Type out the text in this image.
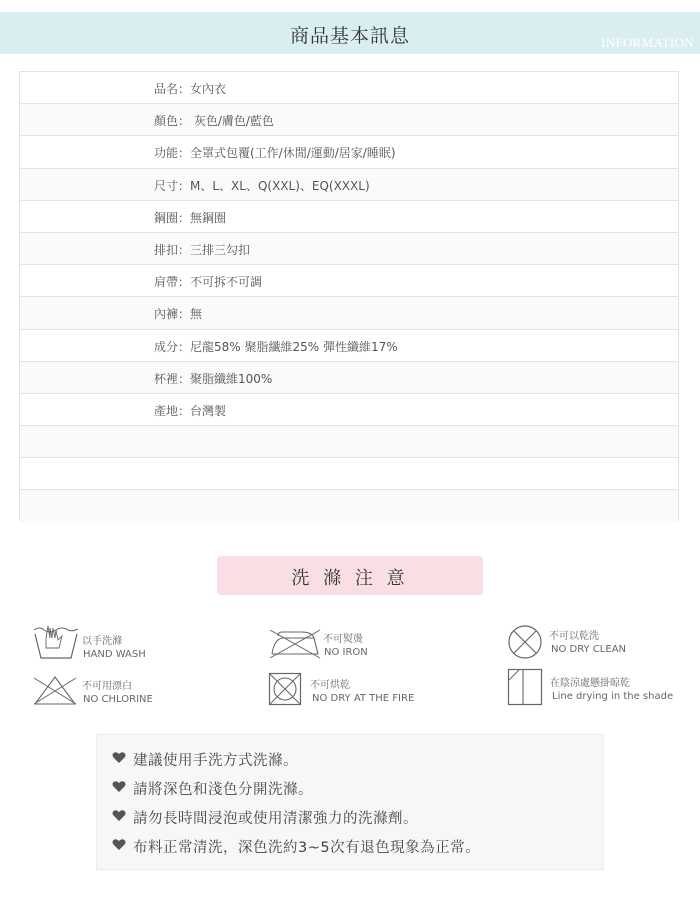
商品基本訊息	INFORMATION
品名：女內衣
顏色： 灰色/膚色/藍色
功能：全罩式包覆(工作/休閒/運動/居家/睡眠)
尺寸：M、L、XL、Q(XXL)、EQ(XXXL)
鋼圈：無鋼圈
排扣：三排三勾扣
肩帶：不可拆不可調
內褲：無
成分：尼龍58% 聚脂纖維25% 彈性纖維17%
杯裡：聚脂纖維100%
產地：台灣製
洗 滌 注 意
以手洗滌
HAND WASH
不可熨燙
NO IRON
不可以乾洗
NO DRY CLEAN
不可用漂白
NO CHLORINE
不可烘乾
NO DRY AT THE FIRE
在陰涼處懸掛晾乾
Line drying in the shade
建議使用手洗方式洗滌。
請將深色和淺色分開洗滌。
請勿長時間浸泡或使用清潔強力的洗滌劑。
布料正常清洗，深色洗約3~5次有退色現象為正常。
